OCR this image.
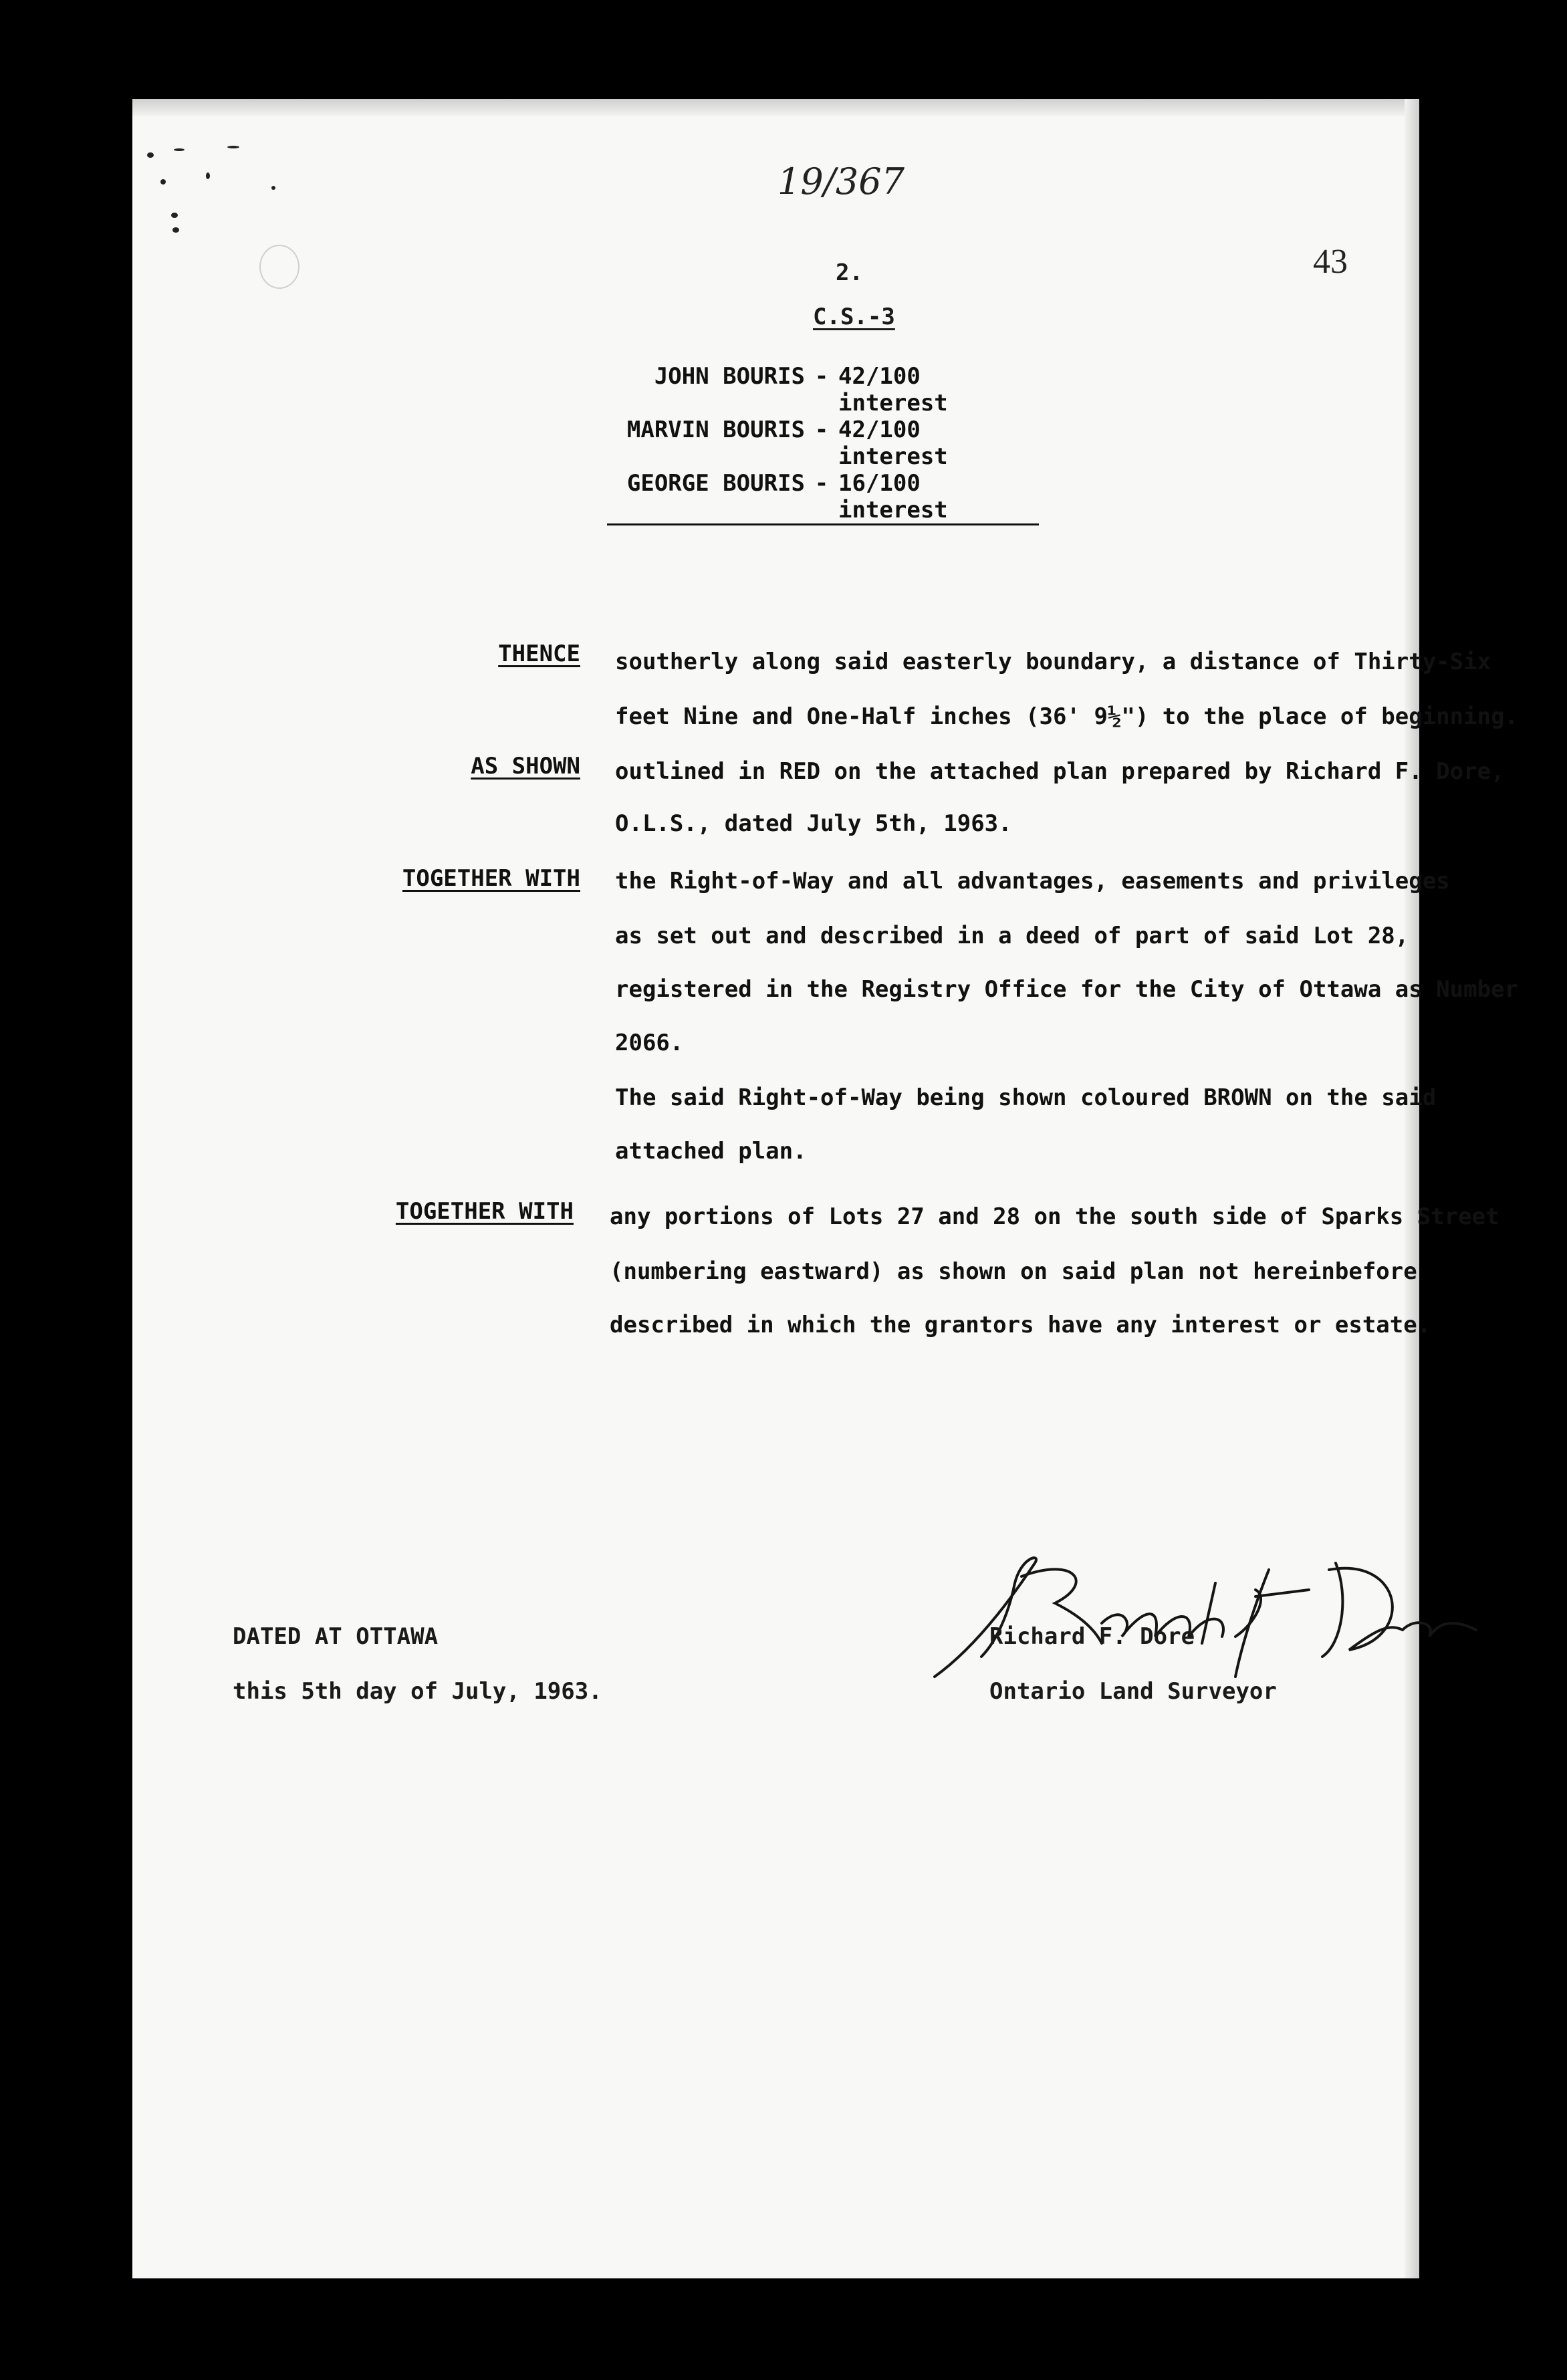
19/367
43
2.
C.S.-3
JOHN BOURIS - 42/100 interest
MARVIN BOURIS - 42/100 interest
GEORGE BOURIS - 16/100 interest
THENCE southerly along said easterly boundary, a distance of Thirty-Six
feet Nine and One-Half inches (36' 9½") to the place of beginning.
AS SHOWN outlined in RED on the attached plan prepared by Richard F. Dore,
O.L.S., dated July 5th, 1963.
TOGETHER WITH the Right-of-Way and all advantages, easements and privileges
as set out and described in a deed of part of said Lot 28,
registered in the Registry Office for the City of Ottawa as Number
2066.
The said Right-of-Way being shown coloured BROWN on the said
attached plan.
TOGETHER WITH any portions of Lots 27 and 28 on the south side of Sparks Street
(numbering eastward) as shown on said plan not hereinbefore
described in which the grantors have any interest or estate.
DATED AT OTTAWA
this 5th day of July, 1963.
Richard F. Dore
Ontario Land Surveyor
